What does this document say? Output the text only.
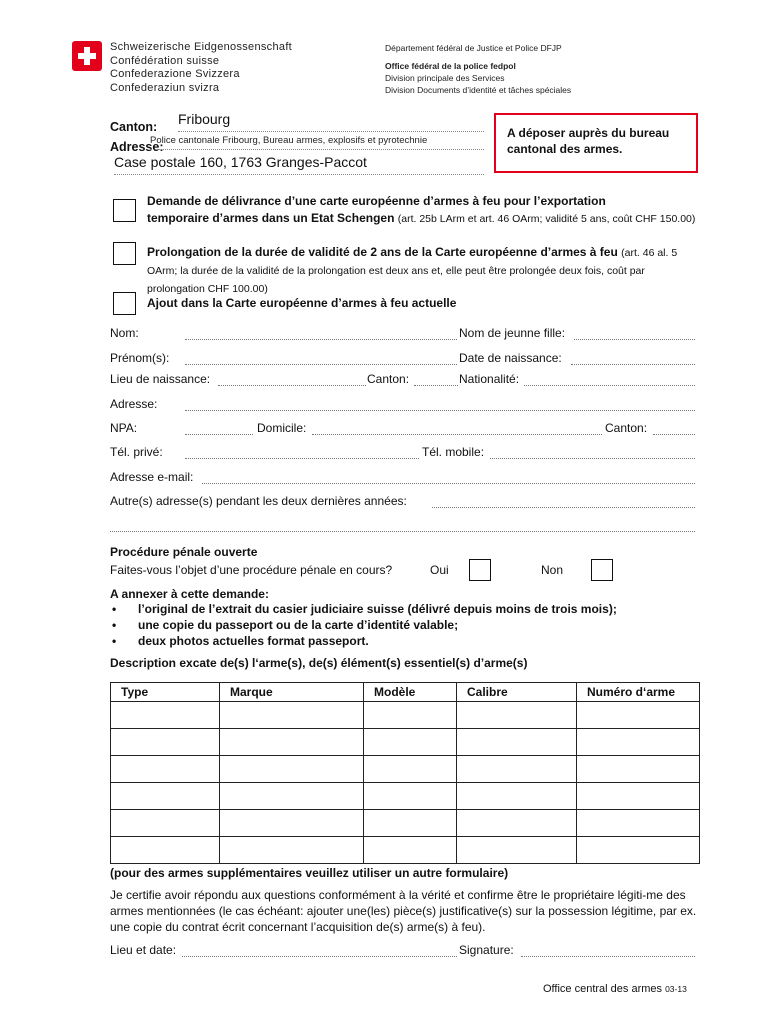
Schweizerische Eidgenossenschaft
Confédération suisse
Confederazione Svizzera
Confederaziun svizra
Département fédéral de Justice et Police DFJP
Office fédéral de la police fedpol
Division principale des Services
Division Documents d’identité et tâches spéciales
Canton: Fribourg
Adresse:
Police cantonale Fribourg, Bureau armes, explosifs et pyrotechnie
Case postale 160, 1763 Granges-Paccot
A déposer auprès du bureau cantonal des armes.
Demande de délivrance d’une carte européenne d’armes à feu pour l’exportation
temporaire d’armes dans un Etat Schengen (art. 25b LArm et art. 46 OArm; validité 5 ans, coût CHF 150.00)
Prolongation de la durée de validité de 2 ans de la Carte européenne d’armes à feu (art. 46 al. 5 OArm; la durée de la validité de la prolongation est deux ans et, elle peut être prolongée deux fois, coût par prolongation CHF 100.00)
Ajout dans la Carte européenne d’armes à feu actuelle
Nom:	Nom de jeunne fille:
Prénom(s):	Date de naissance:
Lieu de naissance:	Canton:	Nationalité:
Adresse:
NPA:	Domicile:	Canton:
Tél. privé:	Tél. mobile:
Adresse e-mail:
Autre(s) adresse(s) pendant les deux dernières années:
Procédure pénale ouverte
Faites-vous l’objet d’une procédure pénale en cours?	Oui	Non
A annexer à cette demande:
• l’original de l’extrait du casier judiciaire suisse (délivré depuis moins de trois mois);
• une copie du passeport ou de la carte d’identité valable;
• deux photos actuelles format passeport.
Description excate de(s) l‘arme(s), de(s) élément(s) essentiel(s) d’arme(s)
Type	Marque	Modèle	Calibre	Numéro d‘arme

(pour des armes supplémentaires veuillez utiliser un autre formulaire)
Je certifie avoir répondu aux questions conformément à la vérité et confirme être le propriétaire légiti-me des armes mentionnées (le cas échéant: ajouter une(les) pièce(s) justificative(s) sur la possession légitime, par ex. une copie du contrat écrit concernant l’acquisition de(s) arme(s) à feu).
Lieu et date:	Signature:
Office central des armes 03-13
